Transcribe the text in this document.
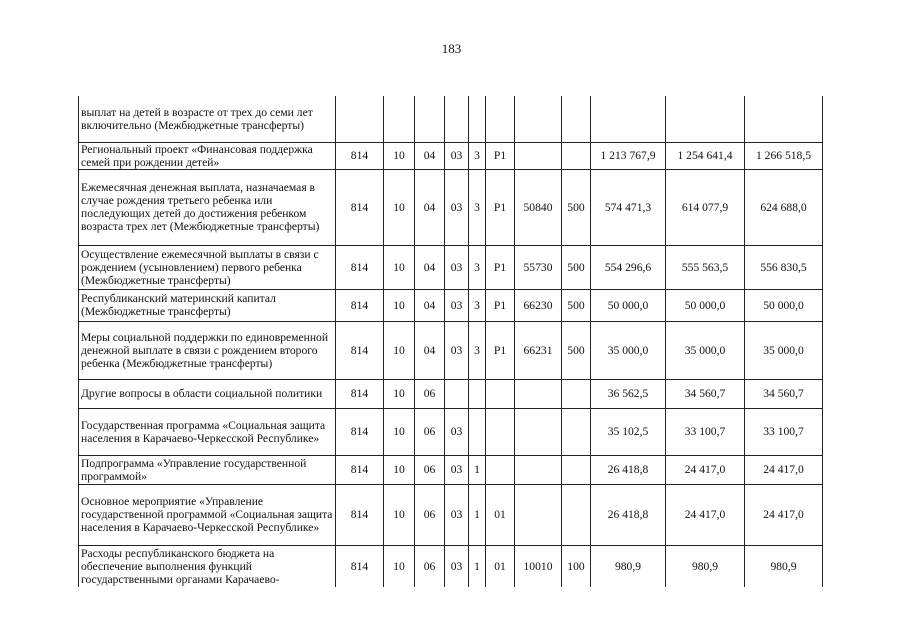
183
выплат на детей в возрасте от трех до семи лет включительно (Межбюджетные трансферты)											
Региональный проект «Финансовая поддержка семей при рождении детей»	814	10	04	03	3	P1			1 213 767,9	1 254 641,4	1 266 518,5
Ежемесячная денежная выплата, назначаемая в случае рождения третьего ребенка или последующих детей до достижения ребенком возраста трех лет (Межбюджетные трансферты)	814	10	04	03	3	P1	50840	500	574 471,3	614 077,9	624 688,0
Осуществление ежемесячной выплаты в связи с рождением (усыновлением) первого ребенка (Межбюджетные трансферты)	814	10	04	03	3	P1	55730	500	554 296,6	555 563,5	556 830,5
Республиканский материнский капитал (Межбюджетные трансферты)	814	10	04	03	3	P1	66230	500	50 000,0	50 000,0	50 000,0
Меры социальной поддержки по единовременной денежной выплате в связи с рождением второго ребенка (Межбюджетные трансферты)	814	10	04	03	3	P1	66231	500	35 000,0	35 000,0	35 000,0
Другие вопросы в области социальной политики	814	10	06						36 562,5	34 560,7	34 560,7
Государственная программа «Социальная защита населения в Карачаево-Черкесской Республике»	814	10	06	03					35 102,5	33 100,7	33 100,7
Подпрограмма «Управление государственной программой»	814	10	06	03	1				26 418,8	24 417,0	24 417,0
Основное мероприятие «Управление государственной программой «Социальная защита населения в Карачаево-Черкесской Республике»	814	10	06	03	1	01			26 418,8	24 417,0	24 417,0
Расходы республиканского бюджета на обеспечение выполнения функций государственными органами Карачаево-	814	10	06	03	1	01	10010	100	980,9	980,9	980,9
